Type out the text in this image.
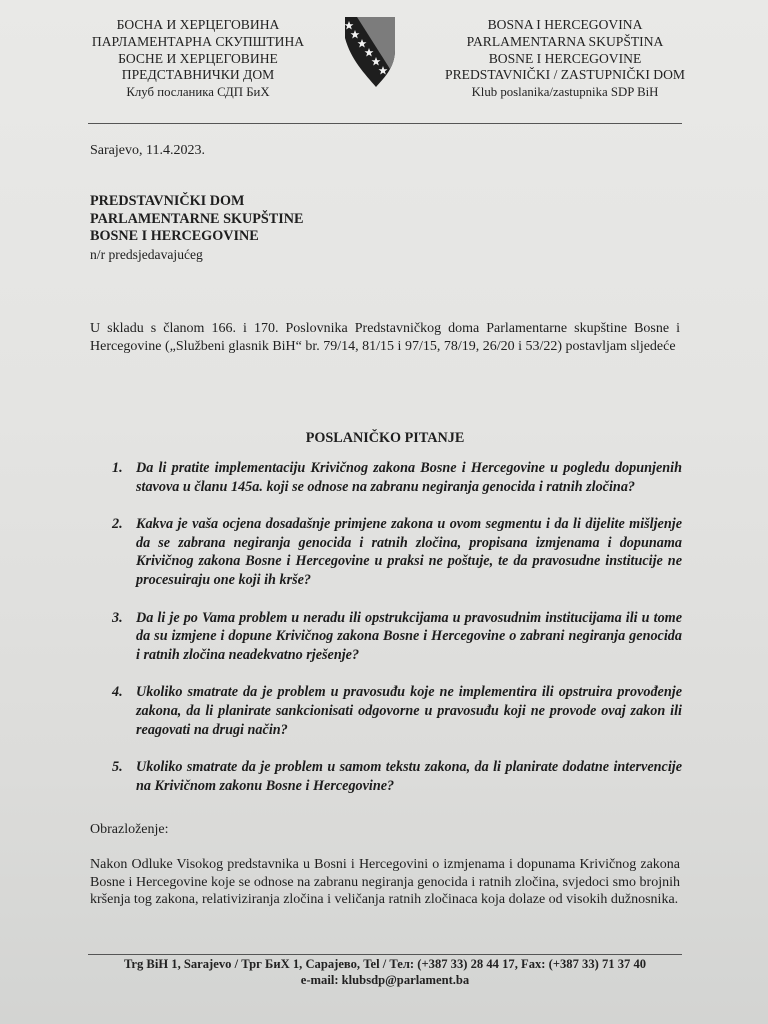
БОСНА И ХЕРЦЕГОВИНА
ПАРЛАМЕНТАРНА СКУПШТИНА
БОСНЕ И ХЕРЦЕГОВИНЕ
ПРЕДСТАВНИЧКИ ДОМ
Клуб посланика СДП БиХ
BOSNA I HERCEGOVINA
PARLAMENTARNA SKUPŠTINA
BOSNE I HERCEGOVINE
PREDSTAVNIČKI / ZASTUPNIČKI DOM
Klub poslanika/zastupnika SDP BiH
Sarajevo, 11.4.2023.
PREDSTAVNIČKI DOM
PARLAMENTARNE SKUPŠTINE
BOSNE I HERCEGOVINE
n/r predsjedavajućeg
U skladu s članom 166. i 170. Poslovnika Predstavničkog doma Parlamentarne skupštine Bosne i Hercegovine („Službeni glasnik BiH“ br. 79/14, 81/15 i 97/15, 78/19, 26/20 i 53/22) postavljam sljedeće
POSLANIČKO PITANJE
1. Da li pratite implementaciju Krivičnog zakona Bosne i Hercegovine u pogledu dopunjenih stavova u članu 145a. koji se odnose na zabranu negiranja genocida i ratnih zločina?
2. Kakva je vaša ocjena dosadašnje primjene zakona u ovom segmentu i da li dijelite mišljenje da se zabrana negiranja genocida i ratnih zločina, propisana izmjenama i dopunama Krivičnog zakona Bosne i Hercegovine u praksi ne poštuje, te da pravosudne institucije ne procesuiraju one koji ih krše?
3. Da li je po Vama problem u neradu ili opstrukcijama u pravosudnim institucijama ili u tome da su izmjene i dopune Krivičnog zakona Bosne i Hercegovine o zabrani negiranja genocida i ratnih zločina neadekvatno rješenje?
4. Ukoliko smatrate da je problem u pravosuđu koje ne implementira ili opstruira provođenje zakona, da li planirate sankcionisati odgovorne u pravosuđu koji ne provode ovaj zakon ili reagovati na drugi način?
5. Ukoliko smatrate da je problem u samom tekstu zakona, da li planirate dodatne intervencije na Krivičnom zakonu Bosne i Hercegovine?
Obrazloženje:
Nakon Odluke Visokog predstavnika u Bosni i Hercegovini o izmjenama i dopunama Krivičnog zakona Bosne i Hercegovine koje se odnose na zabranu negiranja genocida i ratnih zločina, svjedoci smo brojnih kršenja tog zakona, relativiziranja zločina i veličanja ratnih zločinaca koja dolaze od visokih dužnosnika.
Trg BiH 1, Sarajevo / Трг БиХ 1, Сарајево, Tel / Тел: (+387 33) 28 44 17, Fax: (+387 33) 71 37 40
e-mail: klubsdp@parlament.ba
